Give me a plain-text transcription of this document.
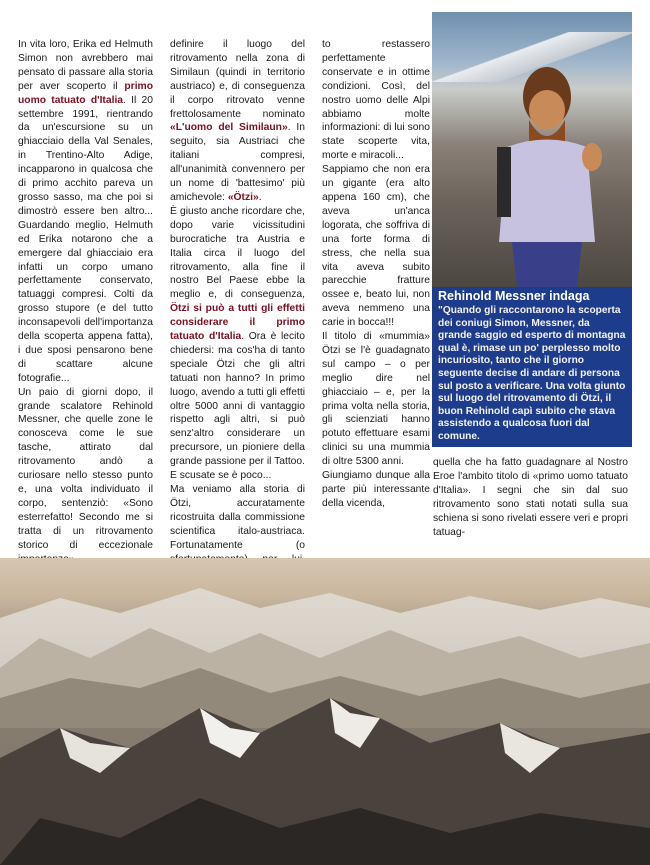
In vita loro, Erika ed Helmuth Simon non avrebbero mai pensato di passare alla storia per aver scoperto il primo uomo tatuato d'Italia. Il 20 settembre 1991, rientrando da un'escursione su un ghiacciaio della Val Senales, in Trentino-Alto Adige, incapparono in qualcosa che di primo acchito pareva un grosso sasso, ma che poi si dimostrò essere ben altro... Guardando meglio, Helmuth ed Erika notarono che a emergere dal ghiacciaio era infatti un corpo umano perfettamente conservato, tatuaggi compresi. Colti da grosso stupore (e del tutto inconsapevoli dell'importanza della scoperta appena fatta), i due sposi pensarono bene di scattare alcune fotografie...

Un paio di giorni dopo, il grande scalatore Rehinold Messner, che quelle zone le conosceva come le sue tasche, attirato dal ritrovamento andò a curiosare nello stesso punto e, una volta individuato il corpo, sentenziò: «Sono esterrefatto! Secondo me si tratta di un ritrovamento storico di eccezionale

definire il luogo del ritrovamento nella zona di Similaun (quindi in territorio austriaco) e, di conseguenza il corpo ritrovato venne frettolosamente nominato «L'uomo del Similaun». In seguito, sia Austriaci che italiani compresi, all'unanimità convennero per un nome di 'battesimo' più amichevole: «Ötzi».

È giusto anche ricordare che, dopo varie vicissitudini burocratiche tra Austria e Italia circa il luogo del ritrovamento, alla fine il nostro Bel Paese ebbe la meglio e, di conseguenza, Ötzi si può a tutti gli effetti considerare il primo tatuato d'Italia. Ora è lecito chiedersi: ma cos'ha di tanto speciale Ötzi che gli altri tatuati non hanno? In primo luogo, avendo a tutti gli effetti oltre 5000 anni di vantaggio rispetto agli altri, si può senz'altro considerare un precursore, un pioniere della grande passione per il Tattoo. E scusate se è poco...

Ma veniamo alla storia di Ötzi, accuratamente ricostruita dalla commissione scientifica italo-austriaca. Fortunatamente (o

to restassero perfettamente conservate e in ottime condizioni. Così, del nostro uomo delle Alpi abbiamo molte informazioni: di lui sono state scoperte vita, morte e miracoli...

Sappiamo che non era un gigante (era alto appena 160 cm), che aveva un'anca logorata, che soffriva di una forte forma di stress, che nella sua vita aveva subito parecchie fratture ossee e, beato lui, non aveva nemmeno una carie in bocca!!!

Il titolo di «mummia» Ötzi se l'è guadagnato sul campo – o per meglio dire nel ghiacciaio – e, per la prima volta nella storia, gli scienziati hanno potuto effettuare esami clinici su una mummia di oltre 5300 anni.

Giungiamo dunque alla parte più interessante della vicenda,

Rehinold Messner indaga

"Quando gli raccontarono la scoperta dei coniugi Simon, Messner, da grande saggio ed esperto di montagna qual è, rimase un po' perplesso molto incuriosito, tanto che il giorno seguente decise di andare di persona sul posto a verificare. Una volta giunto sul luogo del ritrovamento di Ötzi, il buon Rehinold capì subito che stava assistendo a qualcosa fuori dal comune.

quella che ha fatto guadagnare al Nostro Eroe l'ambito titolo di «primo uomo tatuato d'Italia». I segni che sin dal suo ritrovamento sono stati notati sulla sua schiena si sono rivelati essere veri e propri tatuag-
